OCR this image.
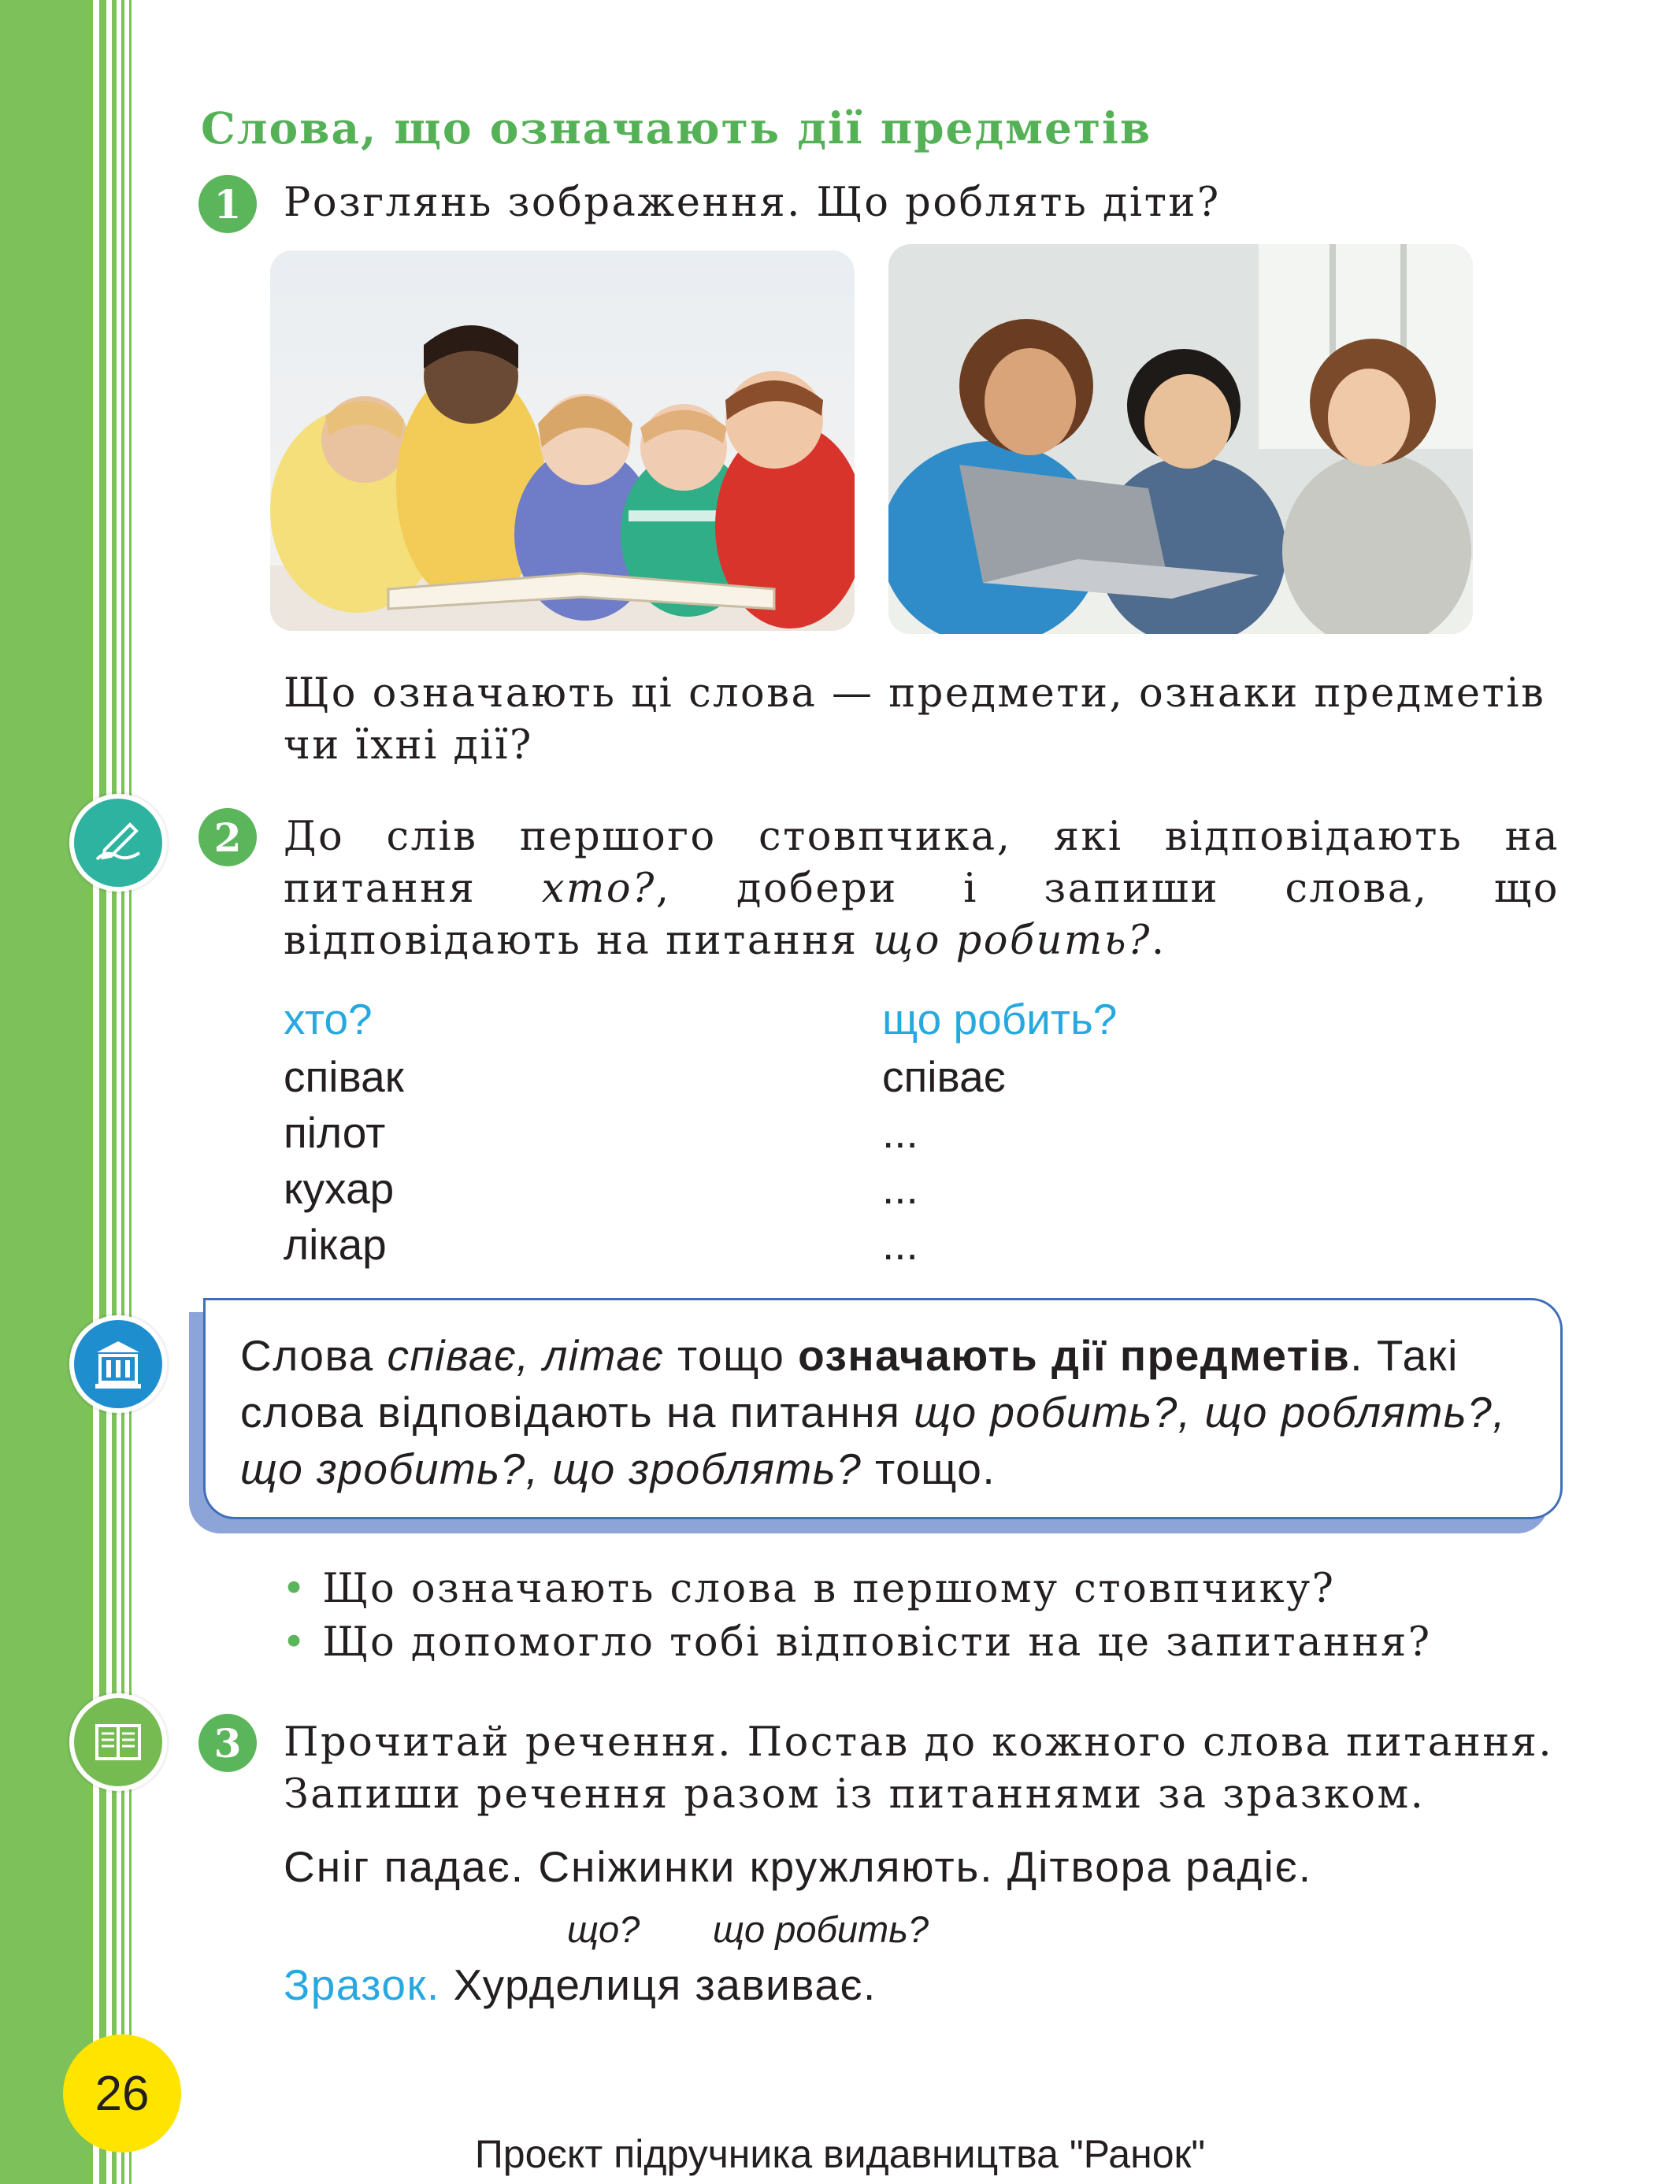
Слова, що означають дії предметів
1	Розглянь зображення. Що роблять діти?
Що означають ці слова — предмети, ознаки предметів чи їхні дії?
2	До слів першого стовпчика, які відповідають на питання хто?, добери і запиши слова, що відповідають на питання що робить?.
хто?	що робить?
співак	співає
пілот	...
кухар	...
лікар	...
Слова співає, літає тощо означають дії предметів. Такі слова відповідають на питання що робить?, що роблять?, що зробить?, що зроблять? тощо.
• Що означають слова в першому стовпчику?
• Що допомогло тобі відповісти на це запитання?
3	Прочитай речення. Постав до кожного слова питання.
Запиши речення разом із питаннями за зразком.
Сніг падає. Сніжинки кружляють. Дітвора радіє.
що? що робить?
Зразок. Хурделиця завиває.
26
Проєкт підручника видавництва "Ранок"
